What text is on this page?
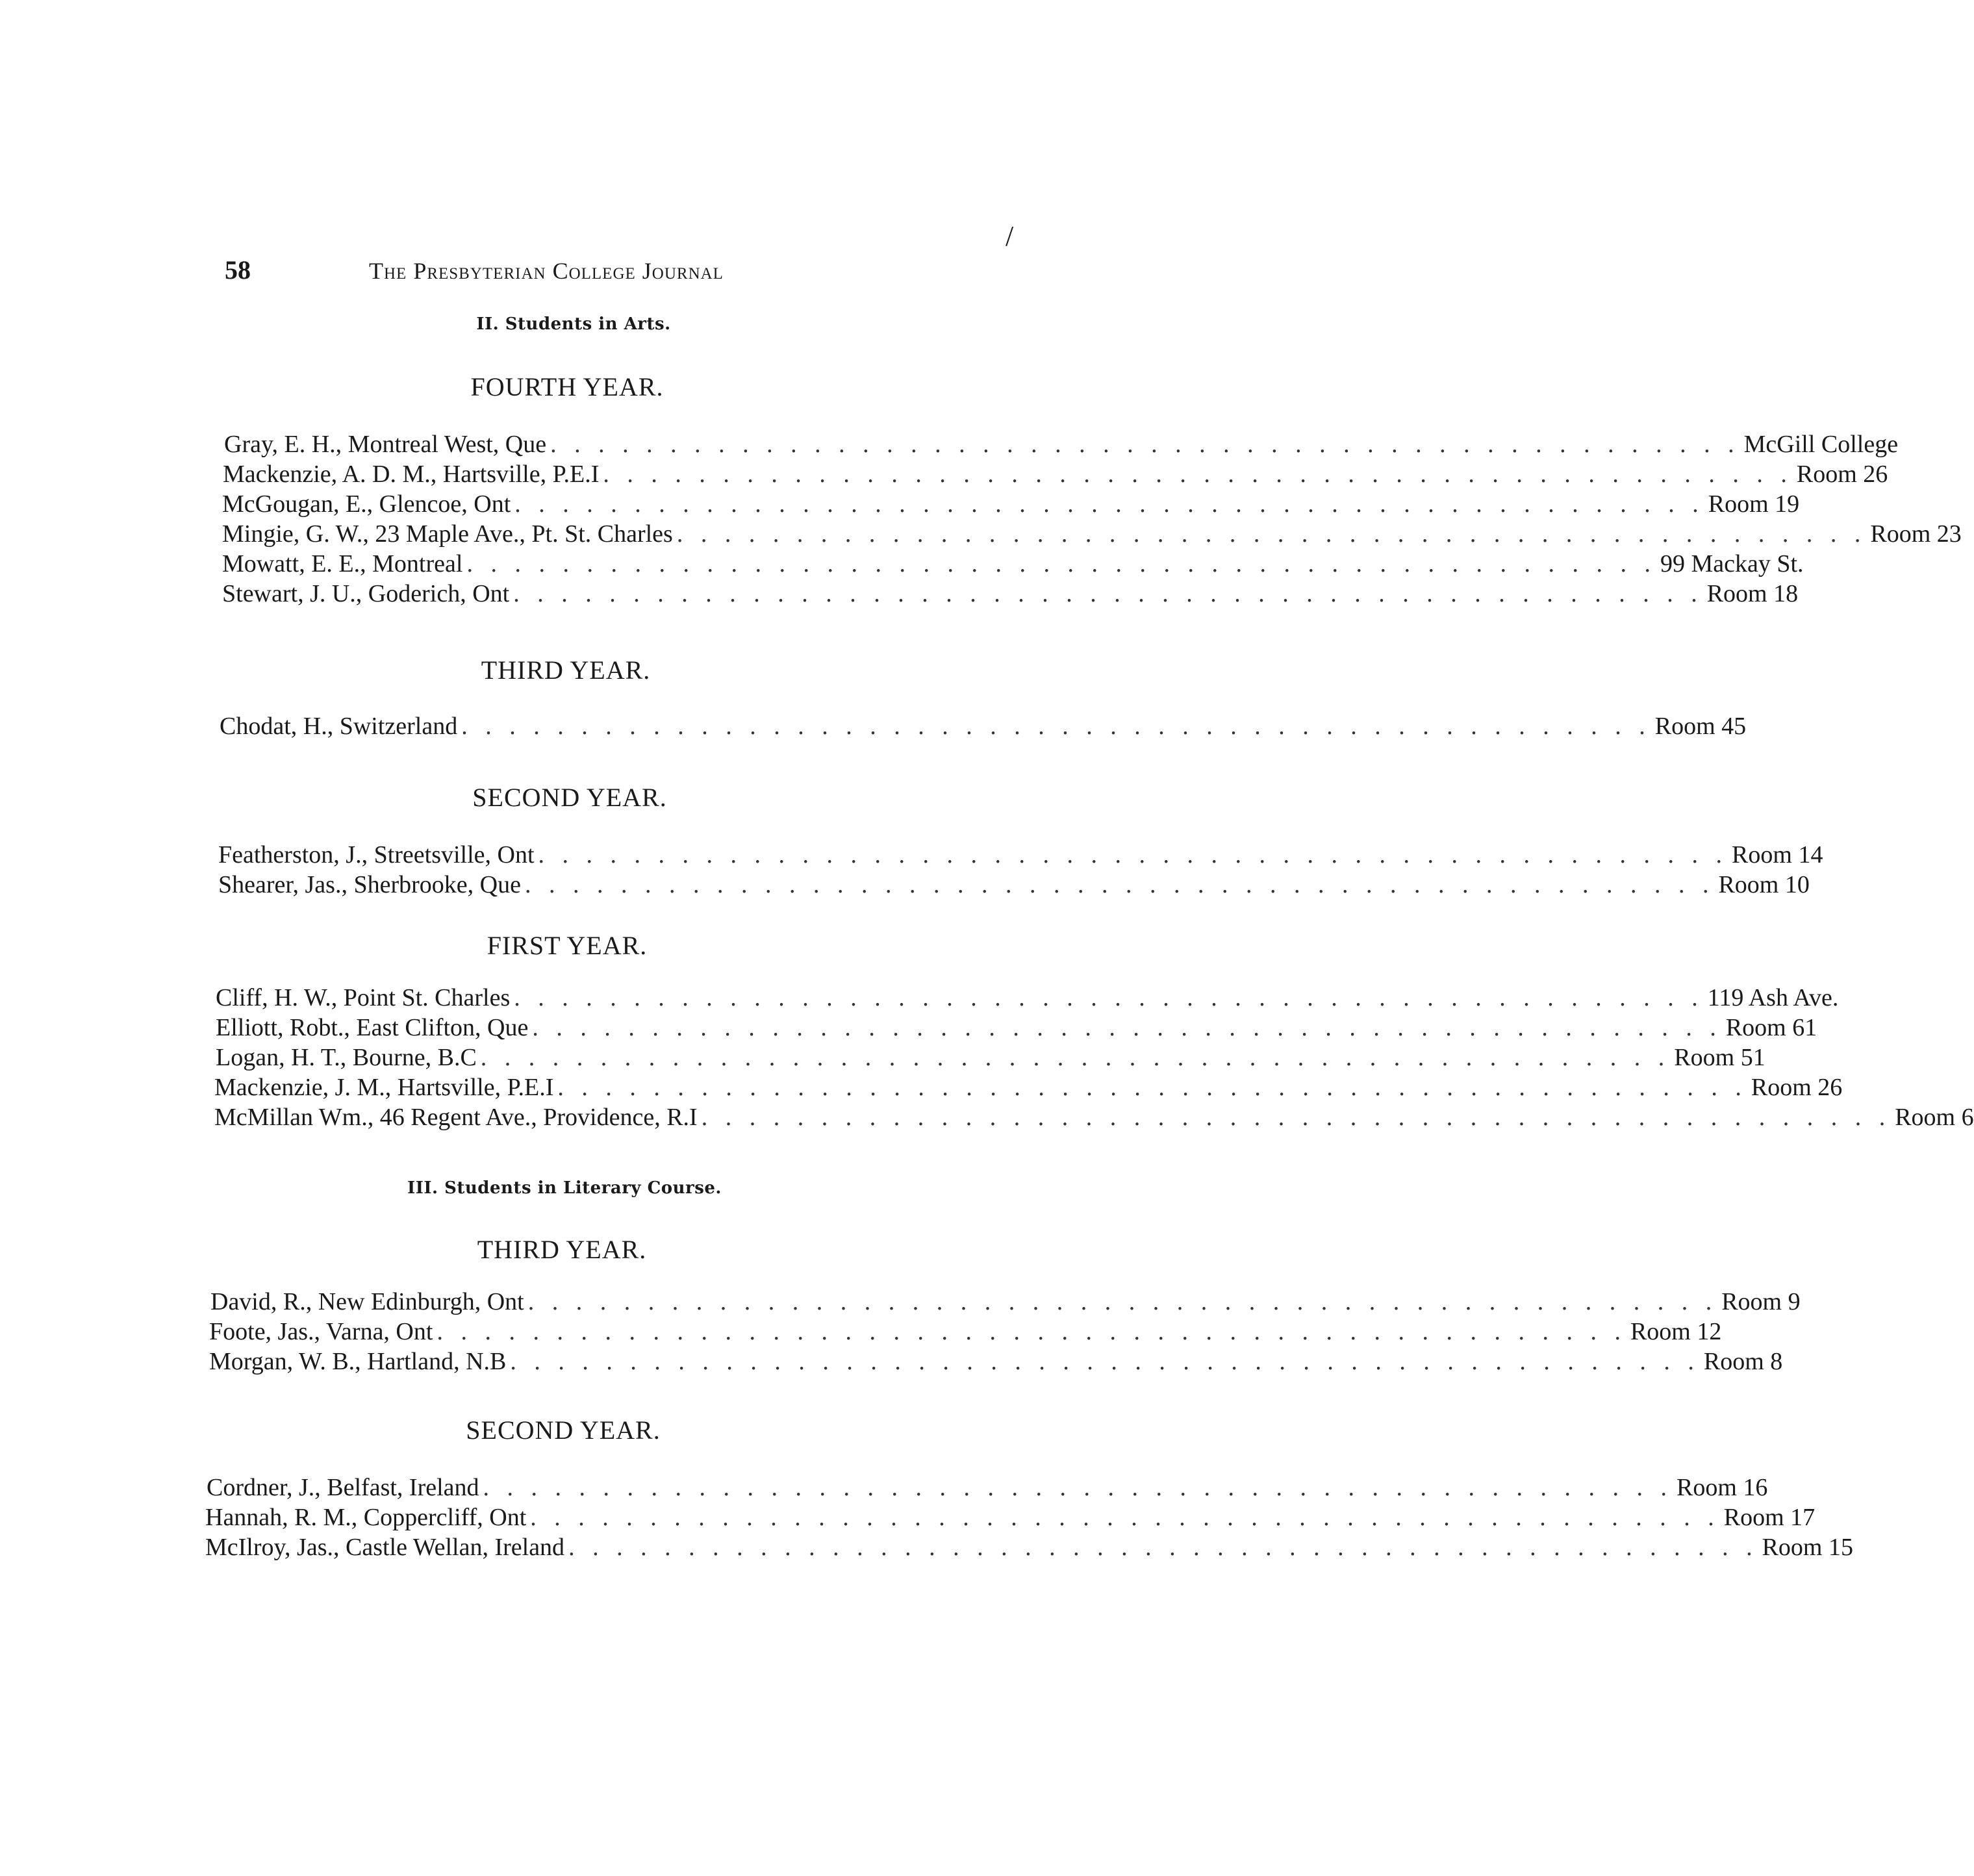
58	The Presbyterian College Journal
/
II. Students in Arts.
FOURTH YEAR.
Gray, E. H., Montreal West, Que . . . . . . . . . . . . . . . . . . . . . . . . . . . . . . . . . . . . . . . . . . . . . . . . . . McGill College
Mackenzie, A. D. M., Hartsville, P.E.I . . . . . . . . . . . . . . . . . . . . . . . . . . . . . . . . . . . . . . . . . . . . . . . . . . Room 26
McGougan, E., Glencoe, Ont . . . . . . . . . . . . . . . . . . . . . . . . . . . . . . . . . . . . . . . . . . . . . . . . . . Room 19
Mingie, G. W., 23 Maple Ave., Pt. St. Charles . . . . . . . . . . . . . . . . . . . . . . . . . . . . . . . . . . . . . . . . . . . . . . . . . . Room 23
Mowatt, E. E., Montreal . . . . . . . . . . . . . . . . . . . . . . . . . . . . . . . . . . . . . . . . . . . . . . . . . . 99 Mackay St.
Stewart, J. U., Goderich, Ont . . . . . . . . . . . . . . . . . . . . . . . . . . . . . . . . . . . . . . . . . . . . . . . . . . Room 18
THIRD YEAR.
Chodat, H., Switzerland . . . . . . . . . . . . . . . . . . . . . . . . . . . . . . . . . . . . . . . . . . . . . . . . . . Room 45
SECOND YEAR.
Featherston, J., Streetsville, Ont . . . . . . . . . . . . . . . . . . . . . . . . . . . . . . . . . . . . . . . . . . . . . . . . . . Room 14
Shearer, Jas., Sherbrooke, Que . . . . . . . . . . . . . . . . . . . . . . . . . . . . . . . . . . . . . . . . . . . . . . . . . . Room 10
FIRST YEAR.
Cliff, H. W., Point St. Charles . . . . . . . . . . . . . . . . . . . . . . . . . . . . . . . . . . . . . . . . . . . . . . . . . . 119 Ash Ave.
Elliott, Robt., East Clifton, Que . . . . . . . . . . . . . . . . . . . . . . . . . . . . . . . . . . . . . . . . . . . . . . . . . . Room 61
Logan, H. T., Bourne, B.C . . . . . . . . . . . . . . . . . . . . . . . . . . . . . . . . . . . . . . . . . . . . . . . . . . Room 51
Mackenzie, J. M., Hartsville, P.E.I . . . . . . . . . . . . . . . . . . . . . . . . . . . . . . . . . . . . . . . . . . . . . . . . . . Room 26
McMillan Wm., 46 Regent Ave., Providence, R.I . . . . . . . . . . . . . . . . . . . . . . . . . . . . . . . . . . . . . . . . . . . . . . . . . . Room 6
III. Students in Literary Course.
THIRD YEAR.
David, R., New Edinburgh, Ont . . . . . . . . . . . . . . . . . . . . . . . . . . . . . . . . . . . . . . . . . . . . . . . . . . Room 9
Foote, Jas., Varna, Ont . . . . . . . . . . . . . . . . . . . . . . . . . . . . . . . . . . . . . . . . . . . . . . . . . . Room 12
Morgan, W. B., Hartland, N.B . . . . . . . . . . . . . . . . . . . . . . . . . . . . . . . . . . . . . . . . . . . . . . . . . . Room 8
SECOND YEAR.
Cordner, J., Belfast, Ireland . . . . . . . . . . . . . . . . . . . . . . . . . . . . . . . . . . . . . . . . . . . . . . . . . . Room 16
Hannah, R. M., Coppercliff, Ont . . . . . . . . . . . . . . . . . . . . . . . . . . . . . . . . . . . . . . . . . . . . . . . . . . Room 17
McIlroy, Jas., Castle Wellan, Ireland . . . . . . . . . . . . . . . . . . . . . . . . . . . . . . . . . . . . . . . . . . . . . . . . . . Room 15
